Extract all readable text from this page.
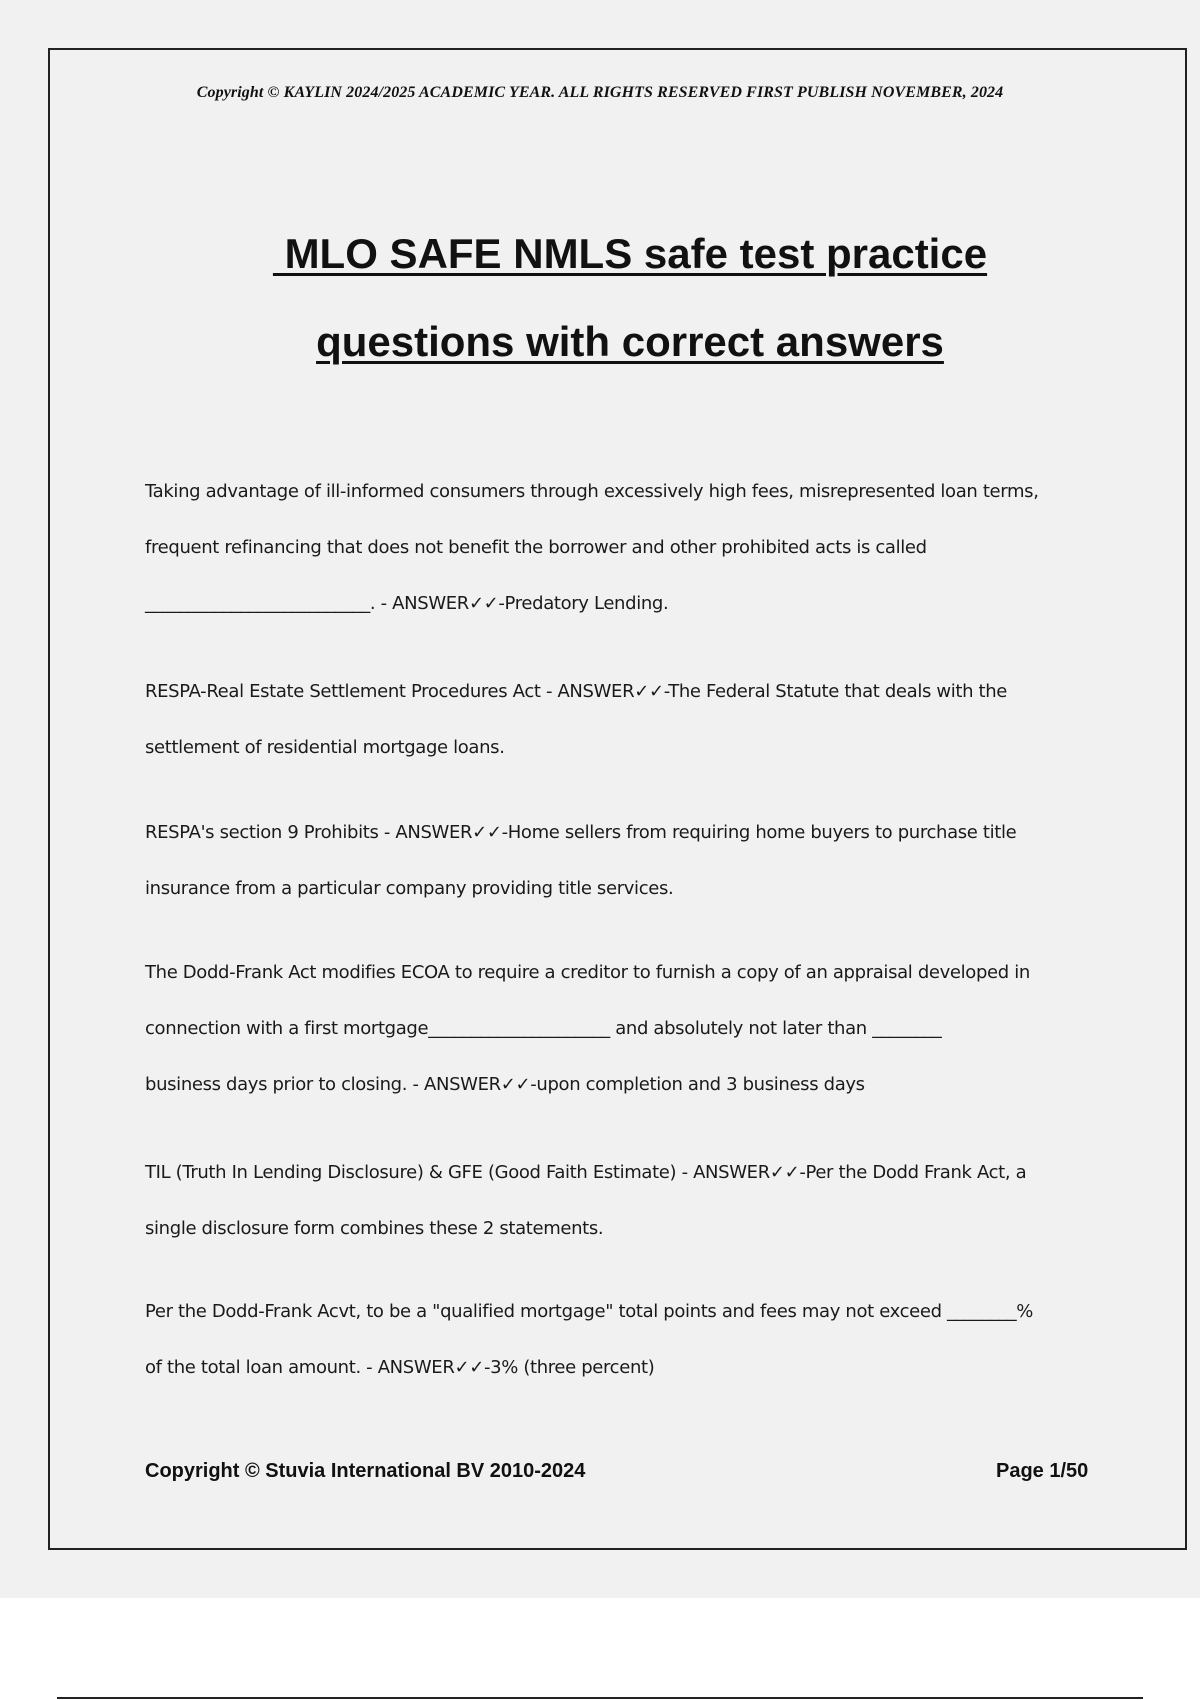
Copyright © KAYLIN 2024/2025 ACADEMIC YEAR. ALL RIGHTS RESERVED FIRST PUBLISH NOVEMBER, 2024
MLO SAFE NMLS safe test practice
questions with correct answers
Taking advantage of ill-informed consumers through excessively high fees, misrepresented loan terms,
frequent refinancing that does not benefit the borrower and other prohibited acts is called
__________________________. - ANSWER✓✓-Predatory Lending.
RESPA-Real Estate Settlement Procedures Act - ANSWER✓✓-The Federal Statute that deals with the
settlement of residential mortgage loans.
RESPA's section 9 Prohibits - ANSWER✓✓-Home sellers from requiring home buyers to purchase title
insurance from a particular company providing title services.
The Dodd-Frank Act modifies ECOA to require a creditor to furnish a copy of an appraisal developed in
connection with a first mortgage_____________________ and absolutely not later than ________
business days prior to closing. - ANSWER✓✓-upon completion and 3 business days
TIL (Truth In Lending Disclosure) & GFE (Good Faith Estimate) - ANSWER✓✓-Per the Dodd Frank Act, a
single disclosure form combines these 2 statements.
Per the Dodd-Frank Acvt, to be a "qualified mortgage" total points and fees may not exceed ________%
of the total loan amount. - ANSWER✓✓-3% (three percent)
Copyright © Stuvia International BV 2010-2024	Page 1/50
